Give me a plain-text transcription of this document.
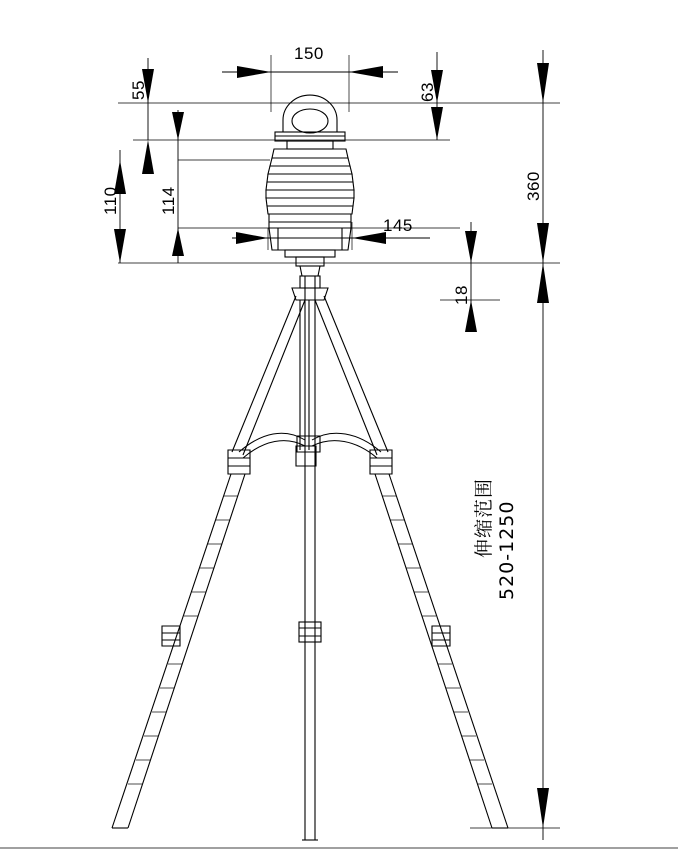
150
63
55
110 114
145
360
18
伸缩范围 520-1250
